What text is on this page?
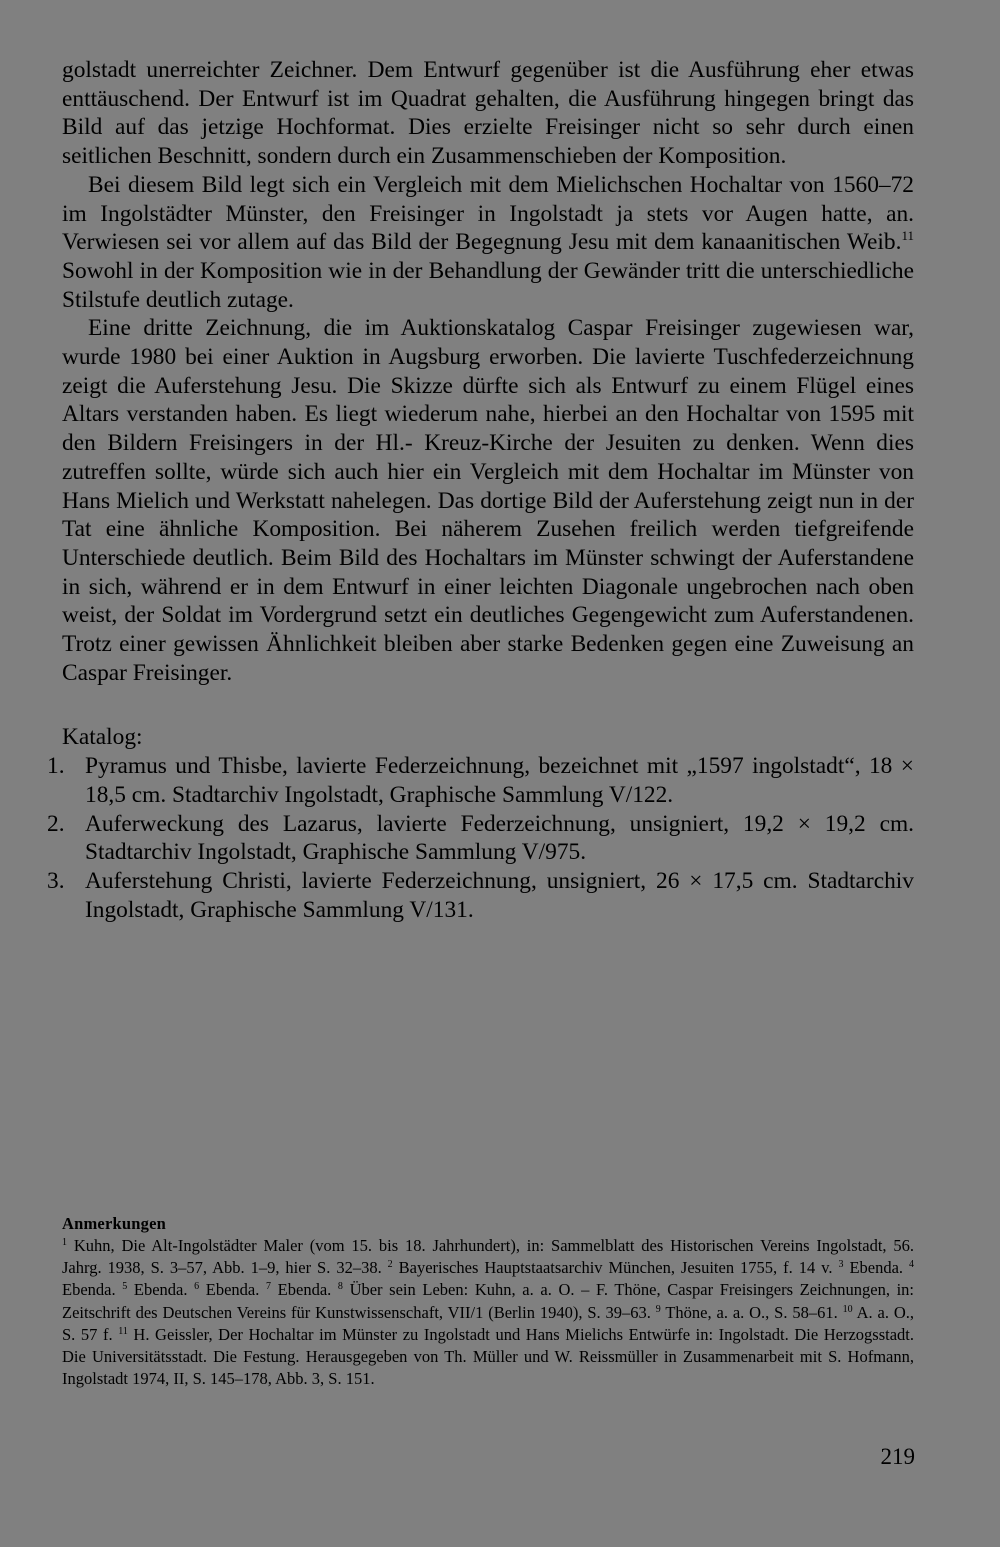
golstadt unerreichter Zeichner. Dem Entwurf gegenüber ist die Ausführung eher etwas enttäuschend. Der Entwurf ist im Quadrat gehalten, die Ausführung hingegen bringt das Bild auf das jetzige Hochformat. Dies erzielte Freisinger nicht so sehr durch einen seitlichen Beschnitt, sondern durch ein Zusammenschieben der Komposition.

Bei diesem Bild legt sich ein Vergleich mit dem Mielichschen Hochaltar von 1560–72 im Ingolstädter Münster, den Freisinger in Ingolstadt ja stets vor Augen hatte, an. Verwiesen sei vor allem auf das Bild der Begegnung Jesu mit dem kanaanitischen Weib.$^{11}$ Sowohl in der Komposition wie in der Behandlung der Gewänder tritt die unterschiedliche Stilstufe deutlich zutage.

Eine dritte Zeichnung, die im Auktionskatalog Caspar Freisinger zugewiesen war, wurde 1980 bei einer Auktion in Augsburg erworben. Die lavierte Tuschfederzeichnung zeigt die Auferstehung Jesu. Die Skizze dürfte sich als Entwurf zu einem Flügel eines Altars verstanden haben. Es liegt wiederum nahe, hierbei an den Hochaltar von 1595 mit den Bildern Freisingers in der Hl.- Kreuz-Kirche der Jesuiten zu denken. Wenn dies zutreffen sollte, würde sich auch hier ein Vergleich mit dem Hochaltar im Münster von Hans Mielich und Werkstatt nahelegen. Das dortige Bild der Auferstehung zeigt nun in der Tat eine ähnliche Komposition. Bei näherem Zusehen freilich werden tiefgreifende Unterschiede deutlich. Beim Bild des Hochaltars im Münster schwingt der Auferstandene in sich, während er in dem Entwurf in einer leichten Diagonale ungebrochen nach oben weist, der Soldat im Vordergrund setzt ein deutliches Gegengewicht zum Auferstandenen. Trotz einer gewissen Ähnlichkeit bleiben aber starke Bedenken gegen eine Zuweisung an Caspar Freisinger.

Katalog:
1. Pyramus und Thisbe, lavierte Federzeichnung, bezeichnet mit „1597 ingolstadt“, 18 × 18,5 cm. Stadtarchiv Ingolstadt, Graphische Sammlung V/122.
2. Auferweckung des Lazarus, lavierte Federzeichnung, unsigniert, 19,2 × 19,2 cm. Stadtarchiv Ingolstadt, Graphische Sammlung V/975.
3. Auferstehung Christi, lavierte Federzeichnung, unsigniert, 26 × 17,5 cm. Stadtarchiv Ingolstadt, Graphische Sammlung V/131.
Anmerkungen

$^1$ Kuhn, Die Alt-Ingolstädter Maler (vom 15. bis 18. Jahrhundert), in: Sammelblatt des Historischen Vereins Ingolstadt, 56. Jahrg. 1938, S. 3–57, Abb. 1–9, hier S. 32–38. $^2$ Bayerisches Hauptstaatsarchiv München, Jesuiten 1755, f. 14 v. $^3$ Ebenda. $^4$ Ebenda. $^5$ Ebenda. $^6$ Ebenda. $^7$ Ebenda. $^8$ Über sein Leben: Kuhn, a. a. O. – F. Thöne, Caspar Freisingers Zeichnungen, in: Zeitschrift des Deutschen Vereins für Kunstwissenschaft, VII/1 (Berlin 1940), S. 39–63. $^9$ Thöne, a. a. O., S. 58–61. $^{10}$ A. a. O., S. 57 f. $^{11}$ H. Geissler, Der Hochaltar im Münster zu Ingolstadt und Hans Mielichs Entwürfe in: Ingolstadt. Die Herzogsstadt. Die Universitätsstadt. Die Festung. Herausgegeben von Th. Müller und W. Reissmüller in Zusammenarbeit mit S. Hofmann, Ingolstadt 1974, II, S. 145–178, Abb. 3, S. 151.

219
